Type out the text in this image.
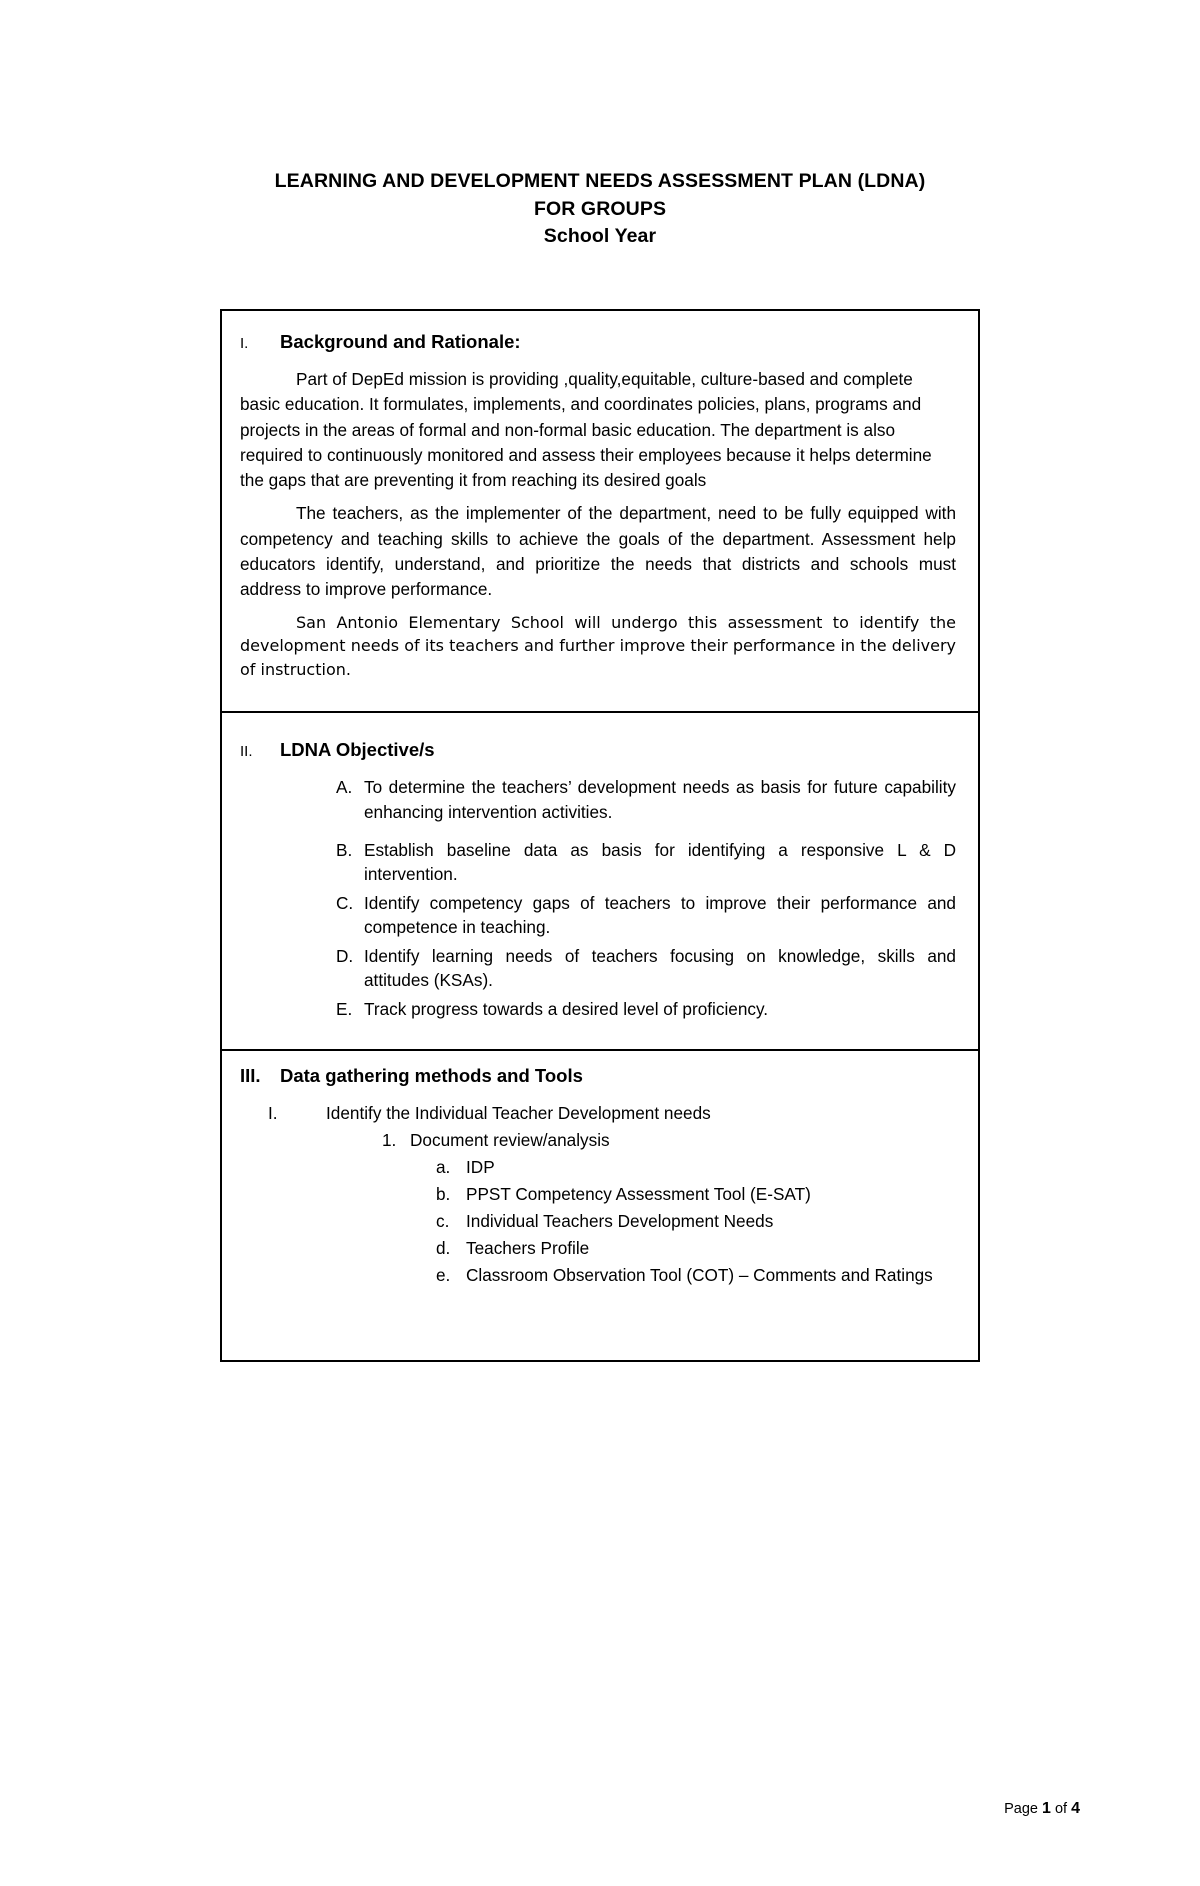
LEARNING AND DEVELOPMENT NEEDS ASSESSMENT PLAN (LDNA)
FOR GROUPS
School Year
I.	Background and Rationale:

Part of DepEd mission is providing ,quality,equitable, culture-based and complete basic education. It formulates, implements, and coordinates policies, plans, programs and projects in the areas of formal and non-formal basic education. The department is also required to continuously monitored and assess their employees because it helps determine the gaps that are preventing it from reaching its desired goals

The teachers, as the implementer of the department, need to be fully equipped with competency and teaching skills to achieve the goals of the department. Assessment help educators identify, understand, and prioritize the needs that districts and schools must address to improve performance.

San Antonio Elementary School will undergo this assessment to identify the development needs of its teachers and further improve their performance in the delivery of instruction.

II.	LDNA Objective/s
A. To determine the teachers’ development needs as basis for future capability enhancing intervention activities.
B. Establish baseline data as basis for identifying a responsive L & D intervention.
C. Identify competency gaps of teachers to improve their performance and competence in teaching.
D. Identify learning needs of teachers focusing on knowledge, skills and attitudes (KSAs).
E. Track progress towards a desired level of proficiency.
III.	Data gathering methods and Tools
I.	Identify the Individual Teacher Development needs
1. Document review/analysis
a. IDP
b. PPST Competency Assessment Tool (E-SAT)
c. Individual Teachers Development Needs
d. Teachers Profile
e. Classroom Observation Tool (COT) – Comments and Ratings
Page 1 of 4
